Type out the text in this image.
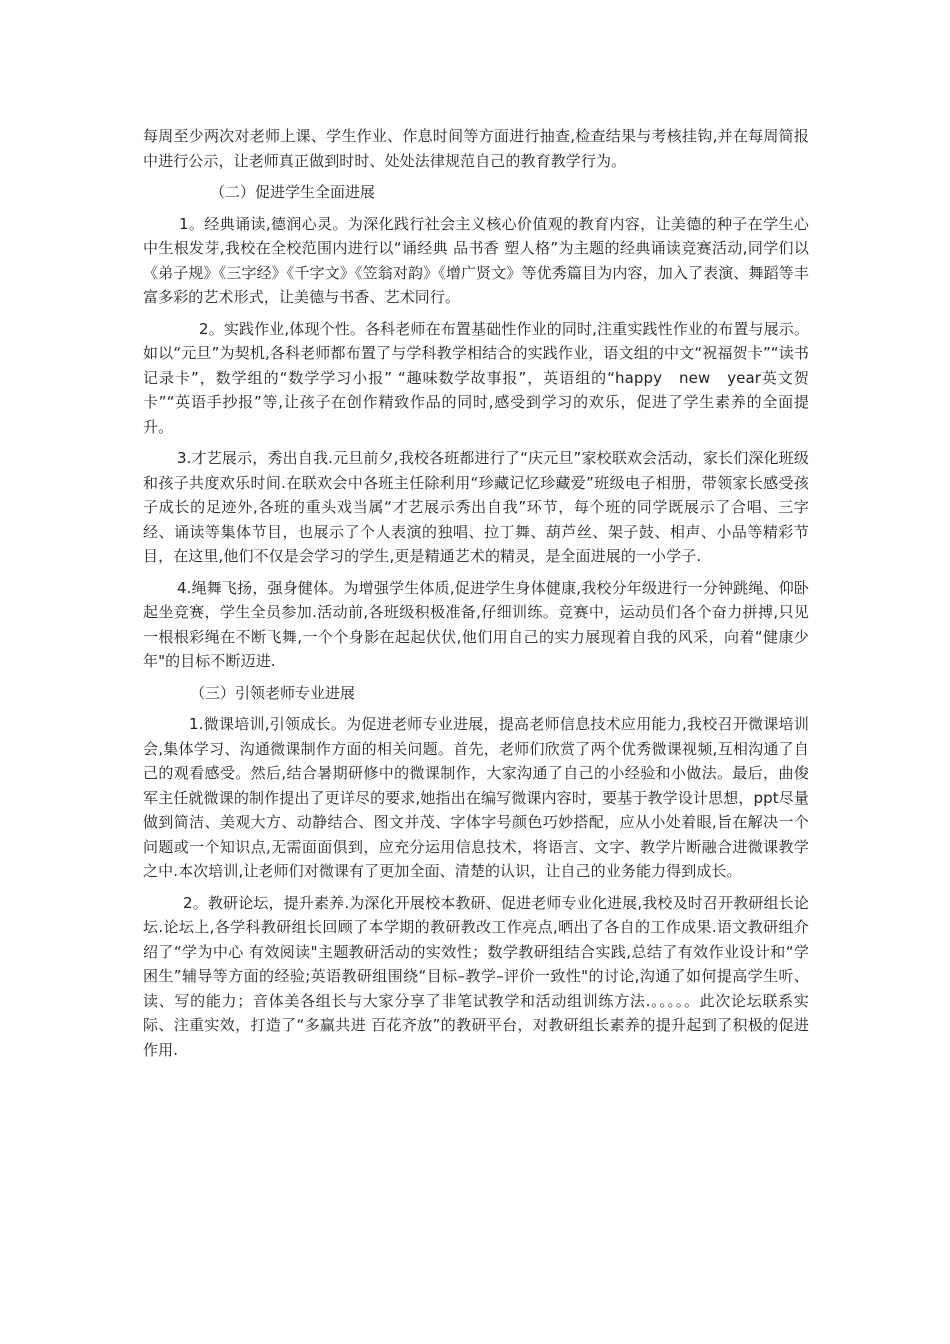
每周至少两次对老师上课、学生作业、作息时间等方面进行抽查,检查结果与考核挂钩,并在每周简报中进行公示，让老师真正做到时时、处处法律规范自己的教育教学行为。

（二）促进学生全面进展

1。经典诵读,德润心灵。为深化践行社会主义核心价值观的教育内容，让美德的种子在学生心中生根发芽,我校在全校范围内进行以“诵经典 品书香 塑人格”为主题的经典诵读竞赛活动,同学们以《弟子规》《三字经》《千字文》《笠翁对韵》《增广贤文》等优秀篇目为内容，加入了表演、舞蹈等丰富多彩的艺术形式，让美德与书香、艺术同行。

2。实践作业,体现个性。各科老师在布置基础性作业的同时,注重实践性作业的布置与展示。如以“元旦”为契机,各科老师都布置了与学科教学相结合的实践作业，语文组的中文“祝福贺卡”“读书记录卡”，数学组的“数学学习小报” “趣味数学故事报”，英语组的“happy　new　year英文贺卡”“英语手抄报”等,让孩子在创作精致作品的同时,感受到学习的欢乐，促进了学生素养的全面提升。

3.才艺展示，秀出自我.元旦前夕,我校各班都进行了“庆元旦”家校联欢会活动，家长们深化班级和孩子共度欢乐时间.在联欢会中各班主任除利用“珍藏记忆珍藏爱”班级电子相册，带领家长感受孩子成长的足迹外,各班的重头戏当属“才艺展示秀出自我”环节，每个班的同学既展示了合唱、三字经、诵读等集体节目，也展示了个人表演的独唱、拉丁舞、葫芦丝、架子鼓、相声、小品等精彩节目，在这里,他们不仅是会学习的学生,更是精通艺术的精灵，是全面进展的一小学子.

4.绳舞飞扬，强身健体。为增强学生体质,促进学生身体健康,我校分年级进行一分钟跳绳、仰卧起坐竞赛，学生全员参加.活动前,各班级积极准备,仔细训练。竞赛中，运动员们各个奋力拼搏,只见一根根彩绳在不断飞舞,一个个身影在起起伏伏,他们用自己的实力展现着自我的风采，向着“健康少年"的目标不断迈进.

（三）引领老师专业进展

1.微课培训,引领成长。为促进老师专业进展，提高老师信息技术应用能力,我校召开微课培训会,集体学习、沟通微课制作方面的相关问题。首先，老师们欣赏了两个优秀微课视频,互相沟通了自己的观看感受。然后,结合暑期研修中的微课制作，大家沟通了自己的小经验和小做法。最后，曲俊军主任就微课的制作提出了更详尽的要求,她指出在编写微课内容时，要基于教学设计思想，ppt尽量做到简洁、美观大方、动静结合、图文并茂、字体字号颜色巧妙搭配，应从小处着眼,旨在解决一个问题或一个知识点,无需面面俱到，应充分运用信息技术，将语言、文字、教学片断融合进微课教学之中.本次培训,让老师们对微课有了更加全面、清楚的认识，让自己的业务能力得到成长。

2。教研论坛，提升素养.为深化开展校本教研、促进老师专业化进展,我校及时召开教研组长论坛.论坛上,各学科教研组长回顾了本学期的教研教改工作亮点,晒出了各自的工作成果.语文教研组介绍了“学为中心 有效阅读"主题教研活动的实效性；数学教研组结合实践,总结了有效作业设计和“学困生”辅导等方面的经验;英语教研组围绕“目标–教学–评价一致性"的讨论,沟通了如何提高学生听、读、写的能力；音体美各组长与大家分享了非笔试教学和活动组训练方法.。。。。。此次论坛联系实际、注重实效，打造了“多赢共进 百花齐放”的教研平台，对教研组长素养的提升起到了积极的促进作用.
